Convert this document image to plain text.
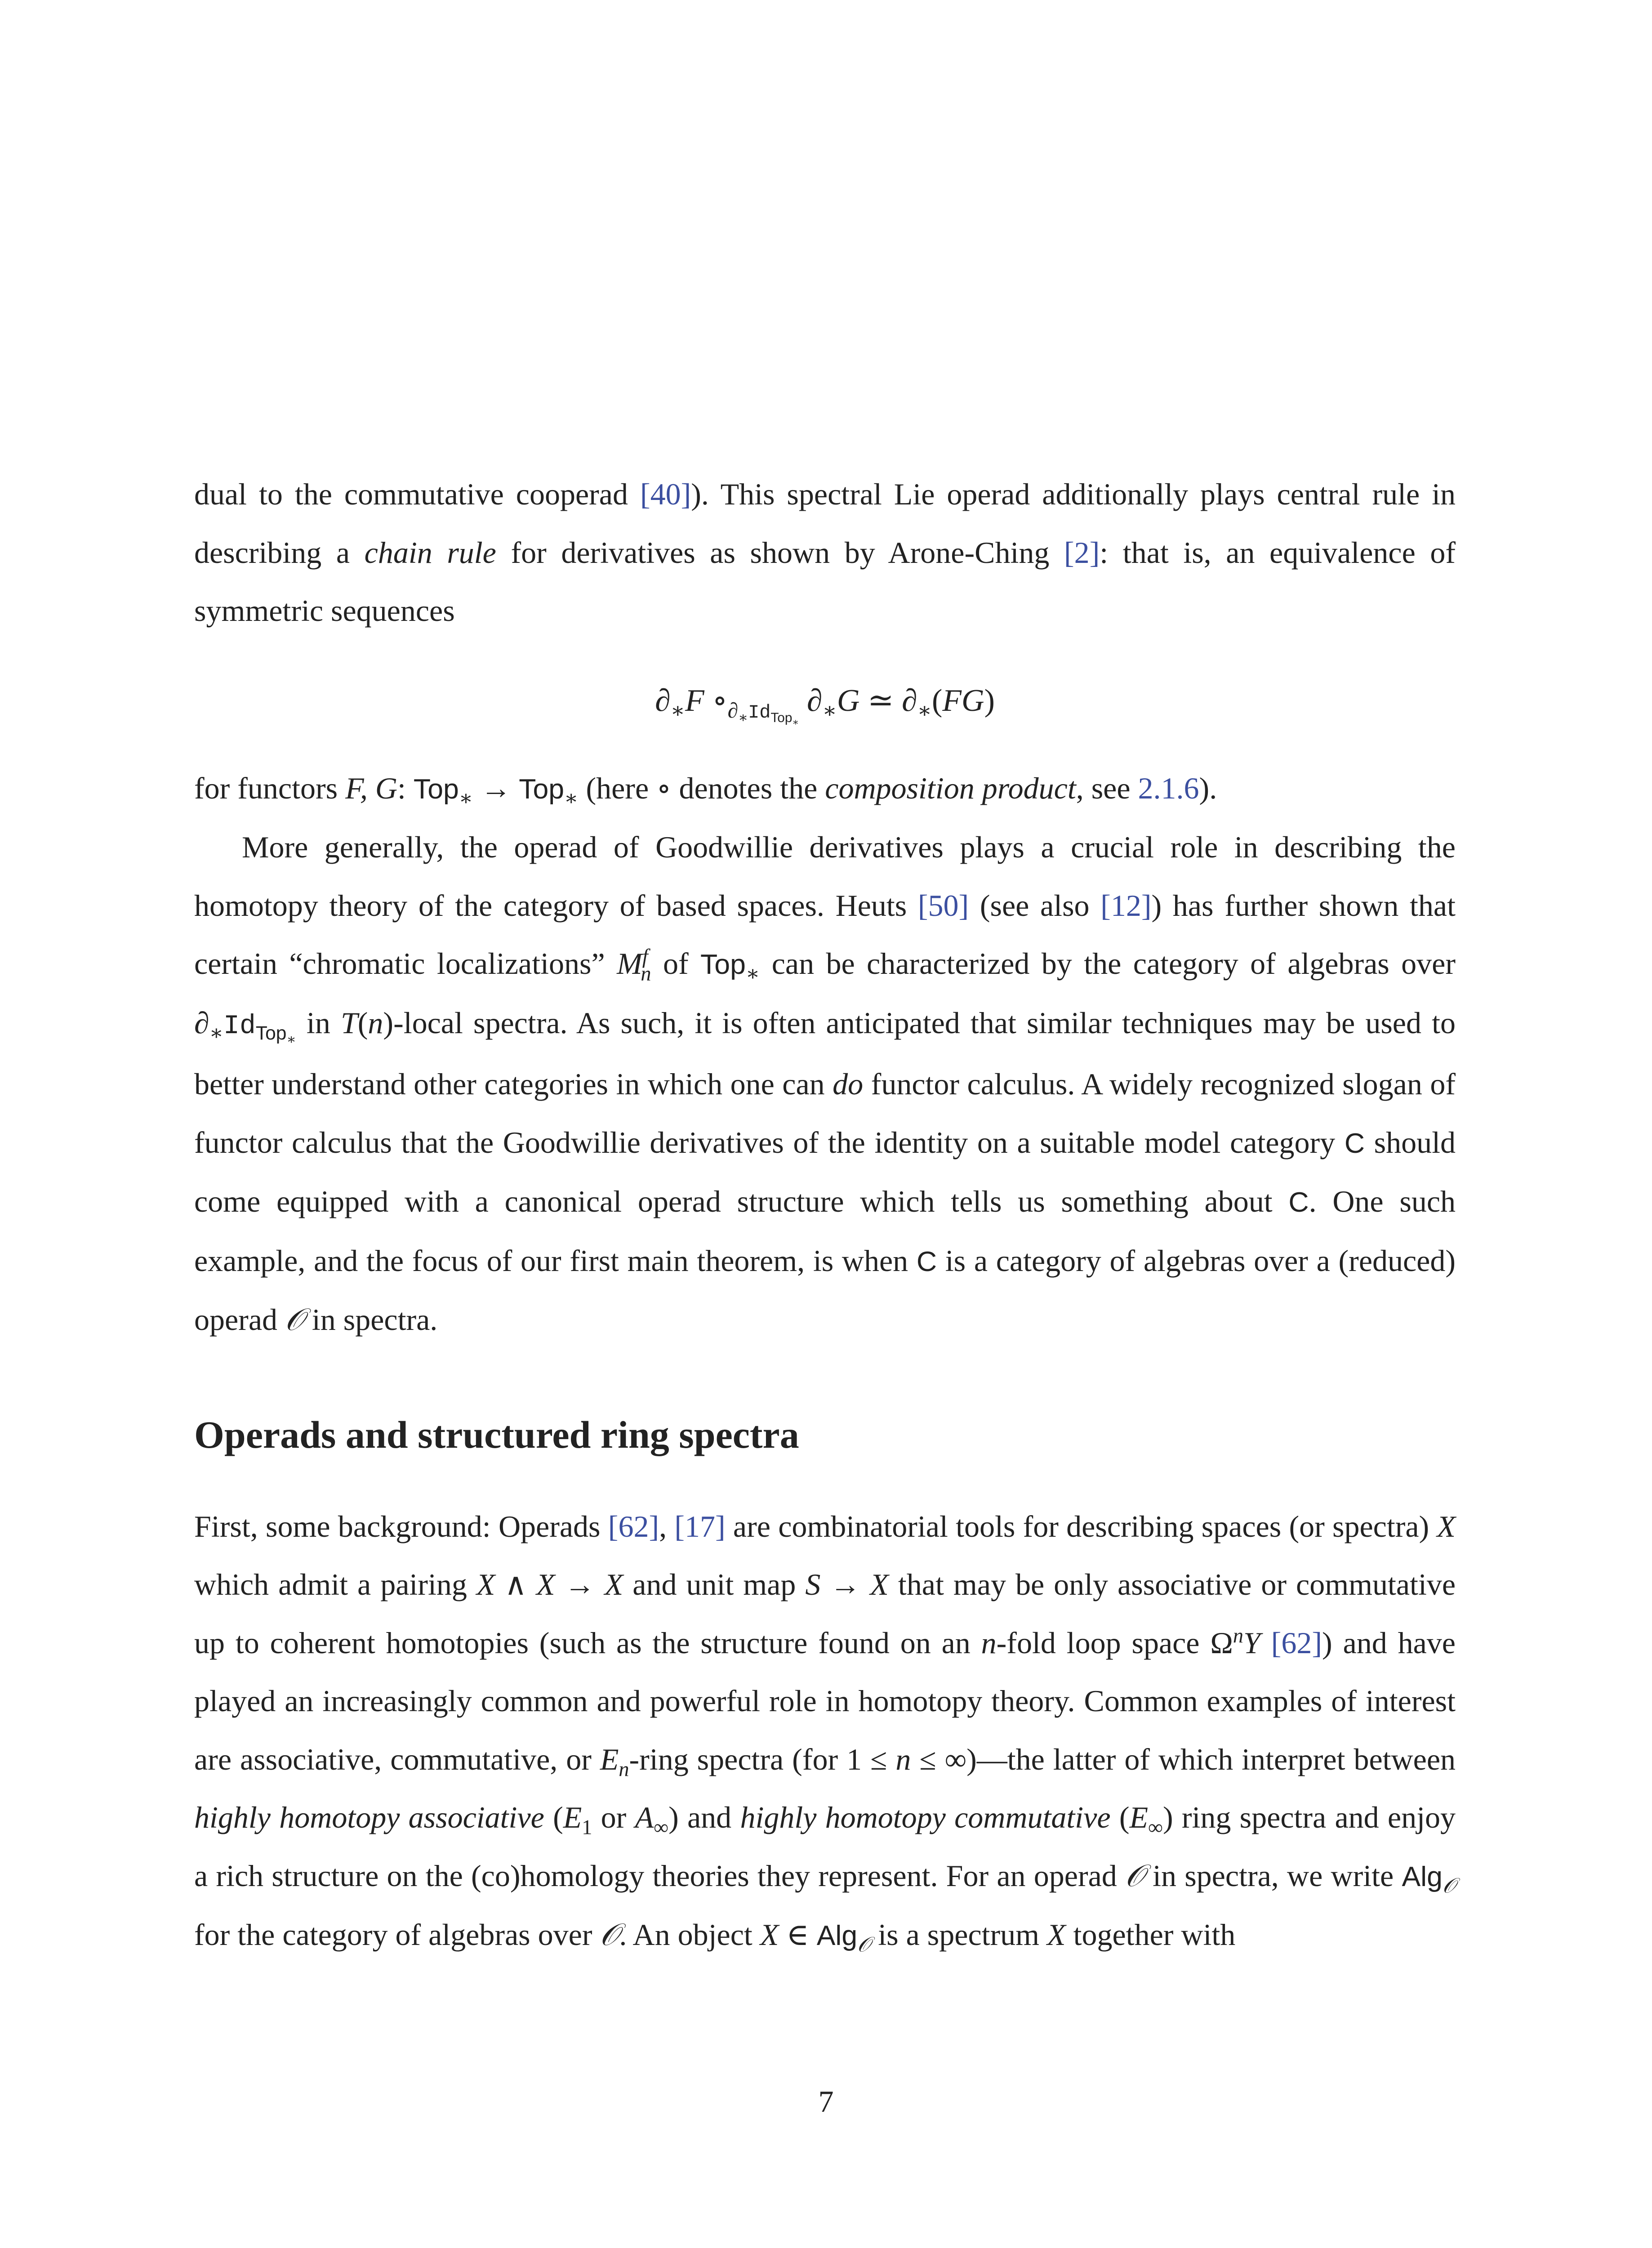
dual to the commutative cooperad [40]). This spectral Lie operad additionally plays central rule in describing a chain rule for derivatives as shown by Arone-Ching [2]: that is, an equivalence of symmetric sequences

$\partial_∗F$ $\circ_{\partial_∗Id_{Top_∗}}$ $\partial_∗G$ ≃ $\partial_∗(FG)$

for functors F, G: Top$_∗$ → Top$_∗$ (here ∘ denotes the composition product, see 2.1.6).

More generally, the operad of Goodwillie derivatives plays a crucial role in describing the homotopy theory of the category of based spaces. Heuts [50] (see also [12]) has further shown that certain “chromatic localizations” $M^f_n$ of Top$_∗$ can be characterized by the category of algebras over $\partial_∗Id_{Top_∗}$ in T(n)-local spectra. As such, it is often anticipated that similar techniques may be used to better understand other categories in which one can do functor calculus. A widely recognized slogan of functor calculus that the Goodwillie derivatives of the identity on a suitable model category C should come equipped with a canonical operad structure which tells us something about C. One such example, and the focus of our first main theorem, is when C is a category of algebras over a (reduced) operad 𝒪 in spectra.

Operads and structured ring spectra

First, some background: Operads [62], [17] are combinatorial tools for describing spaces (or spectra) X which admit a pairing X ∧ X → X and unit map S → X that may be only associative or commutative up to coherent homotopies (such as the structure found on an n-fold loop space $\Omega^nY$ [62]) and have played an increasingly common and powerful role in homotopy theory. Common examples of interest are associative, commutative, or $E_n$-ring spectra (for 1 ≤ n ≤ ∞)—the latter of which interpret between highly homotopy associative ($E_1$ or $A_\infty$) and highly homotopy commutative $(E_\infty)$ ring spectra and enjoy a rich structure on the (co)homology theories they represent. For an operad 𝒪 in spectra, we write Alg$_𝒪$ for the category of algebras over 𝒪. An object X ∈ Alg$_𝒪$ is a spectrum X together with

7
